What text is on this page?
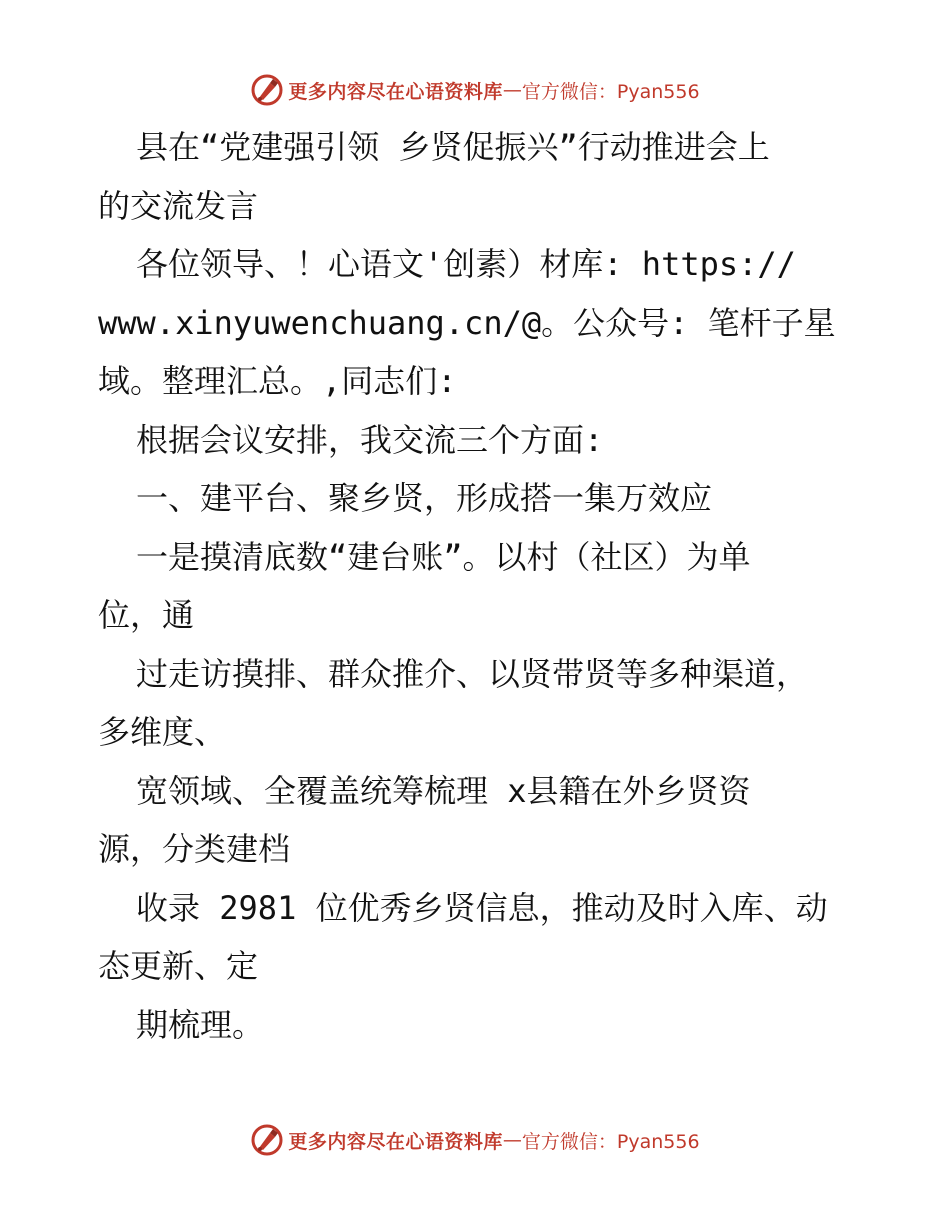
更多内容尽在心语资料库 — 官方微信：Pyan556
县在“党建强引领 乡贤促振兴”行动推进会上
的交流发言
各位领导、！心语文'创素）材库: https://
www.xinyuwenchuang.cn/@。公众号: 笔杆子星
域。整理汇总。,同志们:
根据会议安排，我交流三个方面:
一、建平台、聚乡贤，形成搭一集万效应
一是摸清底数“建台账”。以村（社区）为单
位，通
过走访摸排、群众推介、以贤带贤等多种渠道，
多维度、
宽领域、全覆盖统筹梳理 x县籍在外乡贤资
源，分类建档
收录 2981 位优秀乡贤信息，推动及时入库、动
态更新、定
期梳理。
更多内容尽在心语资料库 — 官方微信：Pyan556
